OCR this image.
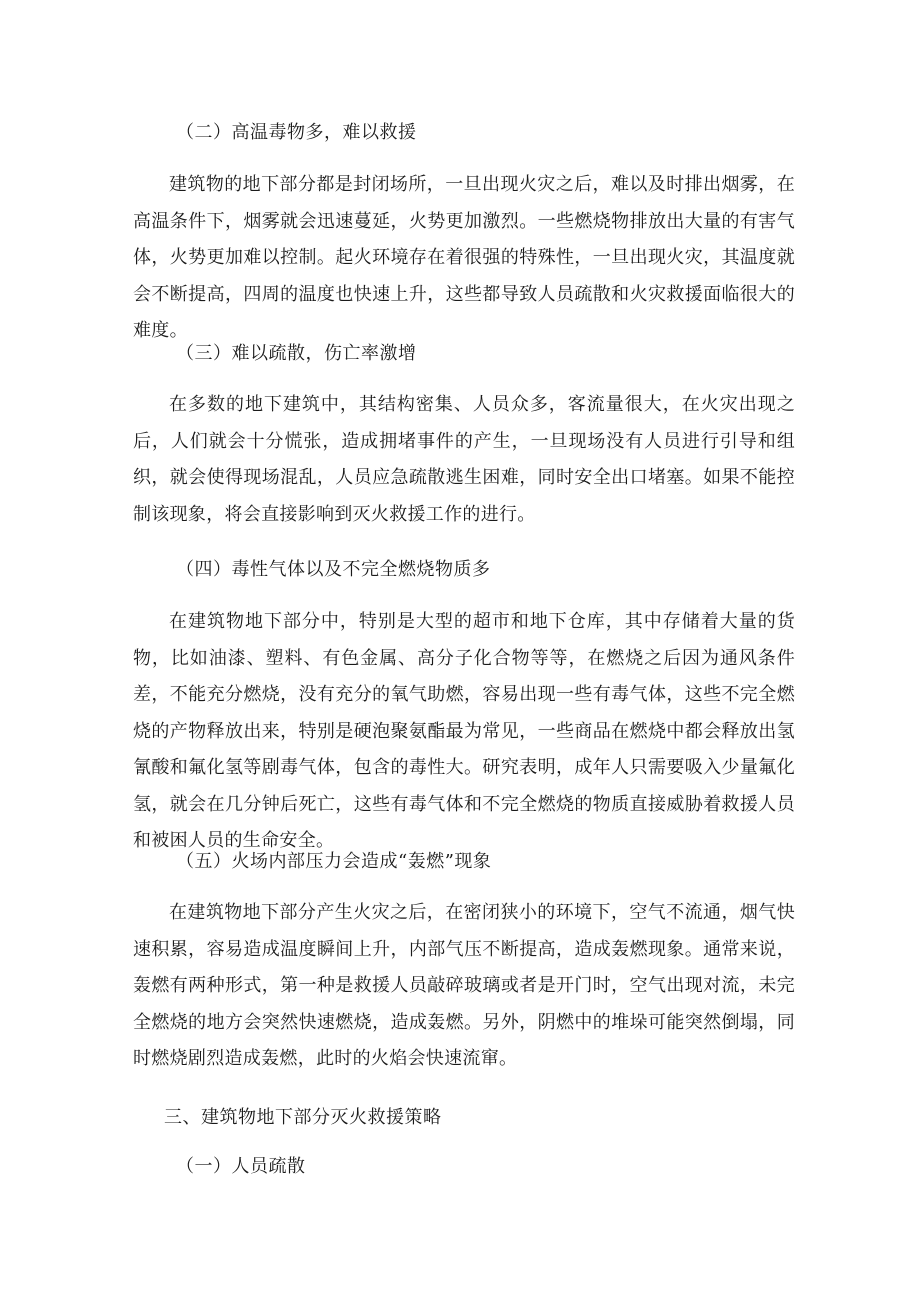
（二）高温毒物多，难以救援

建筑物的地下部分都是封闭场所，一旦出现火灾之后，难以及时排出烟雾，在高温条件下，烟雾就会迅速蔓延，火势更加激烈。一些燃烧物排放出大量的有害气体，火势更加难以控制。起火环境存在着很强的特殊性，一旦出现火灾，其温度就会不断提高，四周的温度也快速上升，这些都导致人员疏散和火灾救援面临很大的难度。

（三）难以疏散，伤亡率激增

在多数的地下建筑中，其结构密集、人员众多，客流量很大，在火灾出现之后，人们就会十分慌张，造成拥堵事件的产生，一旦现场没有人员进行引导和组织，就会使得现场混乱，人员应急疏散逃生困难，同时安全出口堵塞。如果不能控制该现象，将会直接影响到灭火救援工作的进行。

（四）毒性气体以及不完全燃烧物质多

在建筑物地下部分中，特别是大型的超市和地下仓库，其中存储着大量的货物，比如油漆、塑料、有色金属、高分子化合物等等，在燃烧之后因为通风条件差，不能充分燃烧，没有充分的氧气助燃，容易出现一些有毒气体，这些不完全燃烧的产物释放出来，特别是硬泡聚氨酯最为常见，一些商品在燃烧中都会释放出氢氰酸和氟化氢等剧毒气体，包含的毒性大。研究表明，成年人只需要吸入少量氟化氢，就会在几分钟后死亡，这些有毒气体和不完全燃烧的物质直接威胁着救援人员和被困人员的生命安全。

（五）火场内部压力会造成“轰燃”现象

在建筑物地下部分产生火灾之后，在密闭狭小的环境下，空气不流通，烟气快速积累，容易造成温度瞬间上升，内部气压不断提高，造成轰燃现象。通常来说，轰燃有两种形式，第一种是救援人员敲碎玻璃或者是开门时，空气出现对流，未完全燃烧的地方会突然快速燃烧，造成轰燃。另外，阴燃中的堆垛可能突然倒塌，同时燃烧剧烈造成轰燃，此时的火焰会快速流窜。

三、建筑物地下部分灭火救援策略
（一）人员疏散
